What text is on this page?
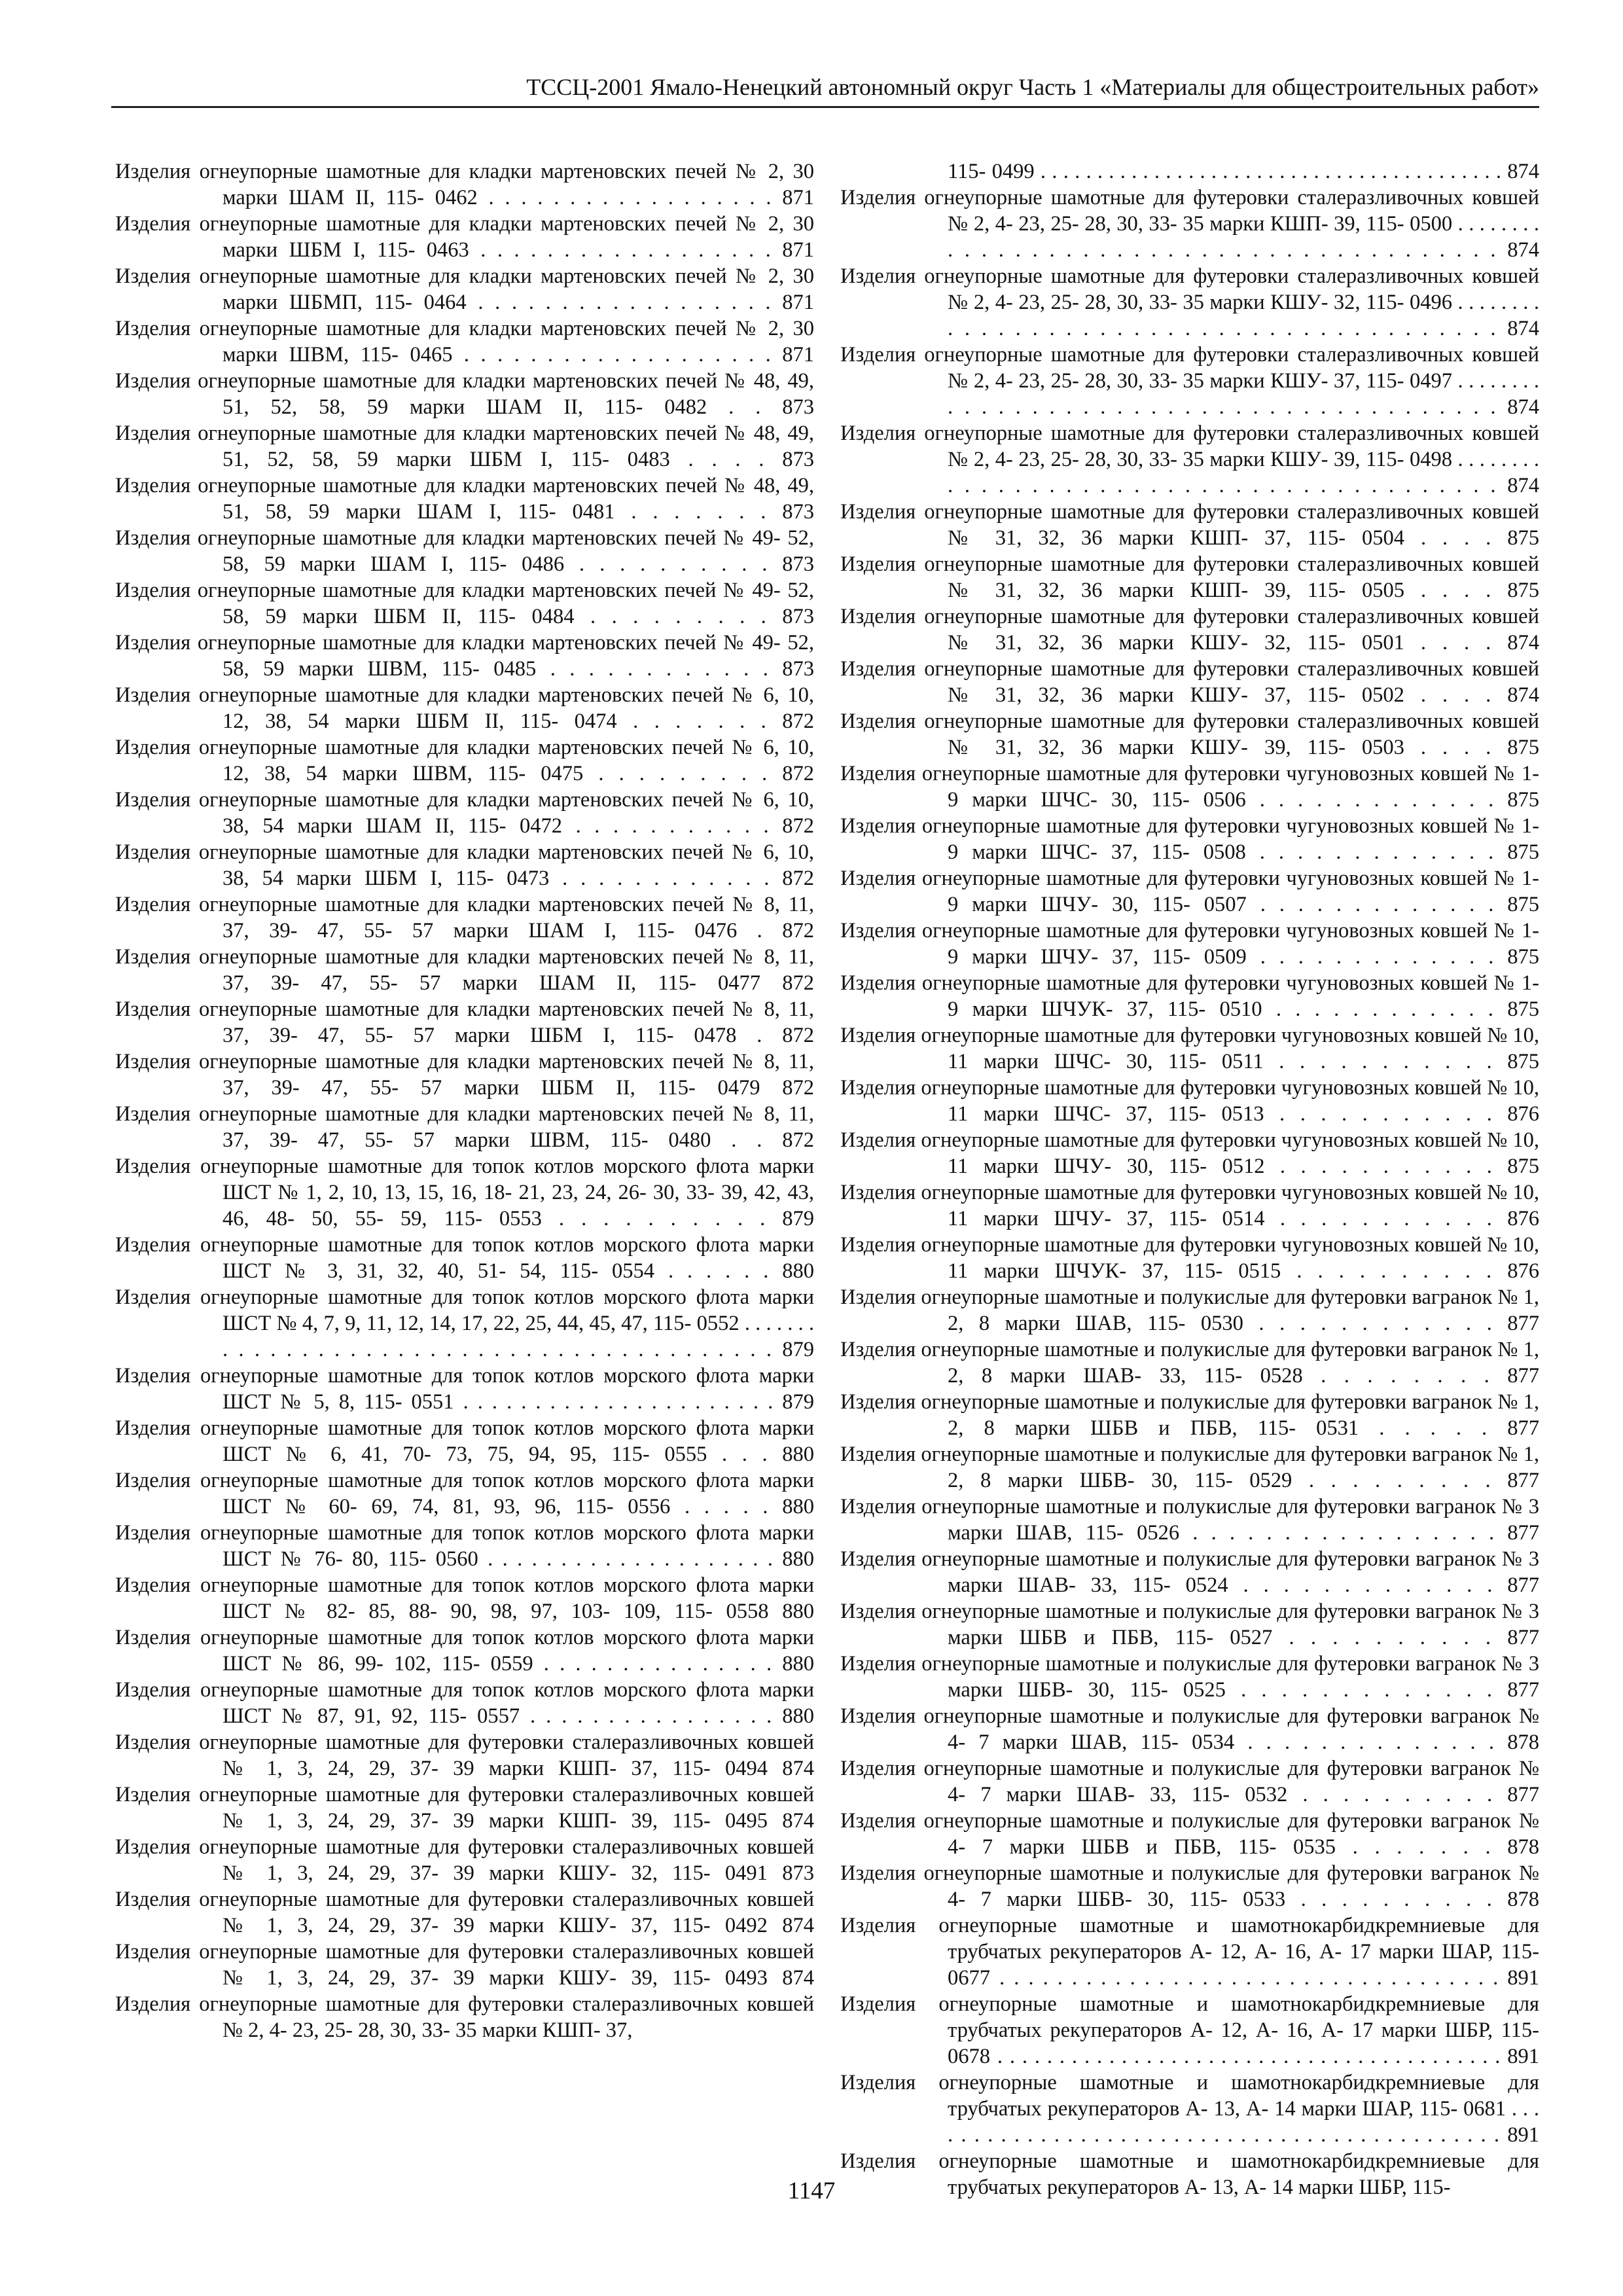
ТССЦ-2001 Ямало-Ненецкий автономный округ Часть 1 «Материалы для общестроительных работ»
Изделия огнеупорные шамотные для кладки мартеновских печей № 2, 30 марки ШАМ II, 115- 0462 . . . . . . . . . . . . . . . . . . 871
Изделия огнеупорные шамотные для кладки мартеновских печей № 2, 30 марки ШБМ I, 115- 0463 . . . . . . . . . . . . . . . . . . 871
Изделия огнеупорные шамотные для кладки мартеновских печей № 2, 30 марки ШБМП, 115- 0464 . . . . . . . . . . . . . . . . . . 871
Изделия огнеупорные шамотные для кладки мартеновских печей № 2, 30 марки ШВМ, 115- 0465 . . . . . . . . . . . . . . . . . . . 871
Изделия огнеупорные шамотные для кладки мартеновских печей № 48, 49, 51, 52, 58, 59 марки ШАМ II, 115- 0482 . . 873
Изделия огнеупорные шамотные для кладки мартеновских печей № 48, 49, 51, 52, 58, 59 марки ШБМ I, 115- 0483 . . . . 873
Изделия огнеупорные шамотные для кладки мартеновских печей № 48, 49, 51, 58, 59 марки ШАМ I, 115- 0481 . . . . . . . 873
Изделия огнеупорные шамотные для кладки мартеновских печей № 49- 52, 58, 59 марки ШАМ I, 115- 0486 . . . . . . . . . . 873
Изделия огнеупорные шамотные для кладки мартеновских печей № 49- 52, 58, 59 марки ШБМ II, 115- 0484 . . . . . . . . . 873
Изделия огнеупорные шамотные для кладки мартеновских печей № 49- 52, 58, 59 марки ШВМ, 115- 0485 . . . . . . . . . . . . 873
Изделия огнеупорные шамотные для кладки мартеновских печей № 6, 10, 12, 38, 54 марки ШБМ II, 115- 0474 . . . . . . . 872
Изделия огнеупорные шамотные для кладки мартеновских печей № 6, 10, 12, 38, 54 марки ШВМ, 115- 0475 . . . . . . . . . 872
Изделия огнеупорные шамотные для кладки мартеновских печей № 6, 10, 38, 54 марки ШАМ II, 115- 0472 . . . . . . . . . . . 872
Изделия огнеупорные шамотные для кладки мартеновских печей № 6, 10, 38, 54 марки ШБМ I, 115- 0473 . . . . . . . . . . . . 872
Изделия огнеупорные шамотные для кладки мартеновских печей № 8, 11, 37, 39- 47, 55- 57 марки ШАМ I, 115- 0476 . 872
Изделия огнеупорные шамотные для кладки мартеновских печей № 8, 11, 37, 39- 47, 55- 57 марки ШАМ II, 115- 0477 872
Изделия огнеупорные шамотные для кладки мартеновских печей № 8, 11, 37, 39- 47, 55- 57 марки ШБМ I, 115- 0478 . 872
Изделия огнеупорные шамотные для кладки мартеновских печей № 8, 11, 37, 39- 47, 55- 57 марки ШБМ II, 115- 0479 872
Изделия огнеупорные шамотные для кладки мартеновских печей № 8, 11, 37, 39- 47, 55- 57 марки ШВМ, 115- 0480 . . 872
Изделия огнеупорные шамотные для топок котлов морского флота марки ШСТ № 1, 2, 10, 13, 15, 16, 18- 21, 23, 24, 26- 30, 33- 39, 42, 43, 46, 48- 50, 55- 59, 115- 0553 . . . . . . . . . . 879
Изделия огнеупорные шамотные для топок котлов морского флота марки ШСТ № 3, 31, 32, 40, 51- 54, 115- 0554 . . . . . . 880
Изделия огнеупорные шамотные для топок котлов морского флота марки ШСТ № 4, 7, 9, 11, 12, 14, 17, 22, 25, 44, 45, 47, 115- 0552 . . . . . . . . . . . . . . . . . . . . . . . . . . . . . . . . . . . . . . . . . . 879
Изделия огнеупорные шамотные для топок котлов морского флота марки ШСТ № 5, 8, 115- 0551 . . . . . . . . . . . . . . . . . . . . . . 879
Изделия огнеупорные шамотные для топок котлов морского флота марки ШСТ № 6, 41, 70- 73, 75, 94, 95, 115- 0555 . . . 880
Изделия огнеупорные шамотные для топок котлов морского флота марки ШСТ № 60- 69, 74, 81, 93, 96, 115- 0556 . . . . . 880
Изделия огнеупорные шамотные для топок котлов морского флота марки ШСТ № 76- 80, 115- 0560 . . . . . . . . . . . . . . . . . . . . 880
Изделия огнеупорные шамотные для топок котлов морского флота марки ШСТ № 82- 85, 88- 90, 98, 97, 103- 109, 115- 0558 880
Изделия огнеупорные шамотные для топок котлов морского флота марки ШСТ № 86, 99- 102, 115- 0559 . . . . . . . . . . . . . . . 880
Изделия огнеупорные шамотные для топок котлов морского флота марки ШСТ № 87, 91, 92, 115- 0557 . . . . . . . . . . . . . . . . 880
Изделия огнеупорные шамотные для футеровки сталеразливочных ковшей № 1, 3, 24, 29, 37- 39 марки КШП- 37, 115- 0494 874
Изделия огнеупорные шамотные для футеровки сталеразливочных ковшей № 1, 3, 24, 29, 37- 39 марки КШП- 39, 115- 0495 874
Изделия огнеупорные шамотные для футеровки сталеразливочных ковшей № 1, 3, 24, 29, 37- 39 марки КШУ- 32, 115- 0491 873
Изделия огнеупорные шамотные для футеровки сталеразливочных ковшей № 1, 3, 24, 29, 37- 39 марки КШУ- 37, 115- 0492 874
Изделия огнеупорные шамотные для футеровки сталеразливочных ковшей № 1, 3, 24, 29, 37- 39 марки КШУ- 39, 115- 0493 874
Изделия огнеупорные шамотные для футеровки сталеразливочных ковшей № 2, 4- 23, 25- 28, 30, 33- 35 марки КШП- 37,
115- 0499 . . . . . . . . . . . . . . . . . . . . . . . . . . . . . . . . . . . . . . . . . 874
Изделия огнеупорные шамотные для футеровки сталеразливочных ковшей № 2, 4- 23, 25- 28, 30, 33- 35 марки КШП- 39, 115- 0500 . . . . . . . . . . . . . . . . . . . . . . . . . . . . . . . . . . . . . . . . . 874
Изделия огнеупорные шамотные для футеровки сталеразливочных ковшей № 2, 4- 23, 25- 28, 30, 33- 35 марки КШУ- 32, 115- 0496 . . . . . . . . . . . . . . . . . . . . . . . . . . . . . . . . . . . . . . . . . 874
Изделия огнеупорные шамотные для футеровки сталеразливочных ковшей № 2, 4- 23, 25- 28, 30, 33- 35 марки КШУ- 37, 115- 0497 . . . . . . . . . . . . . . . . . . . . . . . . . . . . . . . . . . . . . . . . . 874
Изделия огнеупорные шамотные для футеровки сталеразливочных ковшей № 2, 4- 23, 25- 28, 30, 33- 35 марки КШУ- 39, 115- 0498 . . . . . . . . . . . . . . . . . . . . . . . . . . . . . . . . . . . . . . . . . 874
Изделия огнеупорные шамотные для футеровки сталеразливочных ковшей № 31, 32, 36 марки КШП- 37, 115- 0504 . . . . 875
Изделия огнеупорные шамотные для футеровки сталеразливочных ковшей № 31, 32, 36 марки КШП- 39, 115- 0505 . . . . 875
Изделия огнеупорные шамотные для футеровки сталеразливочных ковшей № 31, 32, 36 марки КШУ- 32, 115- 0501 . . . . 874
Изделия огнеупорные шамотные для футеровки сталеразливочных ковшей № 31, 32, 36 марки КШУ- 37, 115- 0502 . . . . 874
Изделия огнеупорные шамотные для футеровки сталеразливочных ковшей № 31, 32, 36 марки КШУ- 39, 115- 0503 . . . . 875
Изделия огнеупорные шамотные для футеровки чугуновозных ковшей № 1- 9 марки ШЧС- 30, 115- 0506 . . . . . . . . . . . . . 875
Изделия огнеупорные шамотные для футеровки чугуновозных ковшей № 1- 9 марки ШЧС- 37, 115- 0508 . . . . . . . . . . . . . 875
Изделия огнеупорные шамотные для футеровки чугуновозных ковшей № 1- 9 марки ШЧУ- 30, 115- 0507 . . . . . . . . . . . . . 875
Изделия огнеупорные шамотные для футеровки чугуновозных ковшей № 1- 9 марки ШЧУ- 37, 115- 0509 . . . . . . . . . . . . . 875
Изделия огнеупорные шамотные для футеровки чугуновозных ковшей № 1- 9 марки ШЧУК- 37, 115- 0510 . . . . . . . . . . . . 875
Изделия огнеупорные шамотные для футеровки чугуновозных ковшей № 10, 11 марки ШЧС- 30, 115- 0511 . . . . . . . . . . . 875
Изделия огнеупорные шамотные для футеровки чугуновозных ковшей № 10, 11 марки ШЧС- 37, 115- 0513 . . . . . . . . . . . 876
Изделия огнеупорные шамотные для футеровки чугуновозных ковшей № 10, 11 марки ШЧУ- 30, 115- 0512 . . . . . . . . . . . 875
Изделия огнеупорные шамотные для футеровки чугуновозных ковшей № 10, 11 марки ШЧУ- 37, 115- 0514 . . . . . . . . . . . 876
Изделия огнеупорные шамотные для футеровки чугуновозных ковшей № 10, 11 марки ШЧУК- 37, 115- 0515 . . . . . . . . . . 876
Изделия огнеупорные шамотные и полукислые для футеровки вагранок № 1, 2, 8 марки ШАВ, 115- 0530 . . . . . . . . . . . . 877
Изделия огнеупорные шамотные и полукислые для футеровки вагранок № 1, 2, 8 марки ШАВ- 33, 115- 0528 . . . . . . . . 877
Изделия огнеупорные шамотные и полукислые для футеровки вагранок № 1, 2, 8 марки ШБВ и ПБВ, 115- 0531 . . . . . 877
Изделия огнеупорные шамотные и полукислые для футеровки вагранок № 1, 2, 8 марки ШБВ- 30, 115- 0529 . . . . . . . . . 877
Изделия огнеупорные шамотные и полукислые для футеровки вагранок № 3 марки ШАВ, 115- 0526 . . . . . . . . . . . . . . . . . 877
Изделия огнеупорные шамотные и полукислые для футеровки вагранок № 3 марки ШАВ- 33, 115- 0524 . . . . . . . . . . . . . 877
Изделия огнеупорные шамотные и полукислые для футеровки вагранок № 3 марки ШБВ и ПБВ, 115- 0527 . . . . . . . . . . 877
Изделия огнеупорные шамотные и полукислые для футеровки вагранок № 3 марки ШБВ- 30, 115- 0525 . . . . . . . . . . . . . 877
Изделия огнеупорные шамотные и полукислые для футеровки вагранок № 4- 7 марки ШАВ, 115- 0534 . . . . . . . . . . . . . . 878
Изделия огнеупорные шамотные и полукислые для футеровки вагранок № 4- 7 марки ШАВ- 33, 115- 0532 . . . . . . . . . . 877
Изделия огнеупорные шамотные и полукислые для футеровки вагранок № 4- 7 марки ШБВ и ПБВ, 115- 0535 . . . . . . . 878
Изделия огнеупорные шамотные и полукислые для футеровки вагранок № 4- 7 марки ШБВ- 30, 115- 0533 . . . . . . . . . . 878
Изделия огнеупорные шамотные и шамотнокарбидкремниевые для трубчатых рекуператоров А- 12, А- 16, А- 17 марки ШАР, 115- 0677 . . . . . . . . . . . . . . . . . . . . . . . . . . . . . . . . . . . 891
Изделия огнеупорные шамотные и шамотнокарбидкремниевые для трубчатых рекуператоров А- 12, А- 16, А- 17 марки ШБР, 115- 0678 . . . . . . . . . . . . . . . . . . . . . . . . . . . . . . . . . . . . . . . . . 891
Изделия огнеупорные шамотные и шамотнокарбидкремниевые для трубчатых рекуператоров А- 13, А- 14 марки ШАР, 115- 0681 . . . . . . . . . . . . . . . . . . . . . . . . . . . . . . . . . . . . . . . . . . . . . 891
Изделия огнеупорные шамотные и шамотнокарбидкремниевые для трубчатых рекуператоров А- 13, А- 14 марки ШБР, 115-
1147
